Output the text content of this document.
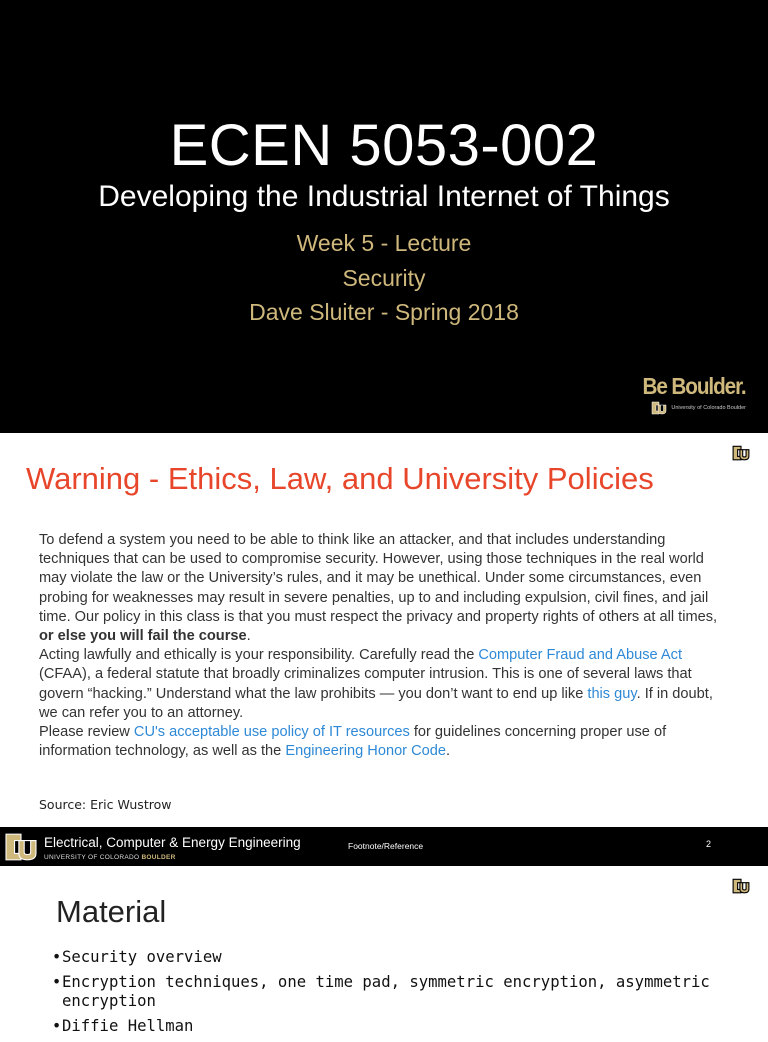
ECEN 5053-002
Developing the Industrial Internet of Things
Week 5 - Lecture
Security
Dave Sluiter - Spring 2018
Be Boulder.
University of Colorado Boulder
Warning - Ethics, Law, and University Policies

To defend a system you need to be able to think like an attacker, and that includes understanding techniques that can be used to compromise security. However, using those techniques in the real world may violate the law or the University’s rules, and it may be unethical. Under some circumstances, even probing for weaknesses may result in severe penalties, up to and including expulsion, civil fines, and jail time. Our policy in this class is that you must respect the privacy and property rights of others at all times, or else you will fail the course.

Acting lawfully and ethically is your responsibility. Carefully read the Computer Fraud and Abuse Act (CFAA), a federal statute that broadly criminalizes computer intrusion. This is one of several laws that govern “hacking.” Understand what the law prohibits — you don’t want to end up like this guy. If in doubt, we can refer you to an attorney.

Please review CU's acceptable use policy of IT resources for guidelines concerning proper use of information technology, as well as the Engineering Honor Code.

Source: Eric Wustrow
Electrical, Computer & Energy Engineering
UNIVERSITY OF COLORADO BOULDER
Footnote/Reference	2
Material
• Security overview
• Encryption techniques, one time pad, symmetric encryption, asymmetric encryption
• Diffie Hellman
